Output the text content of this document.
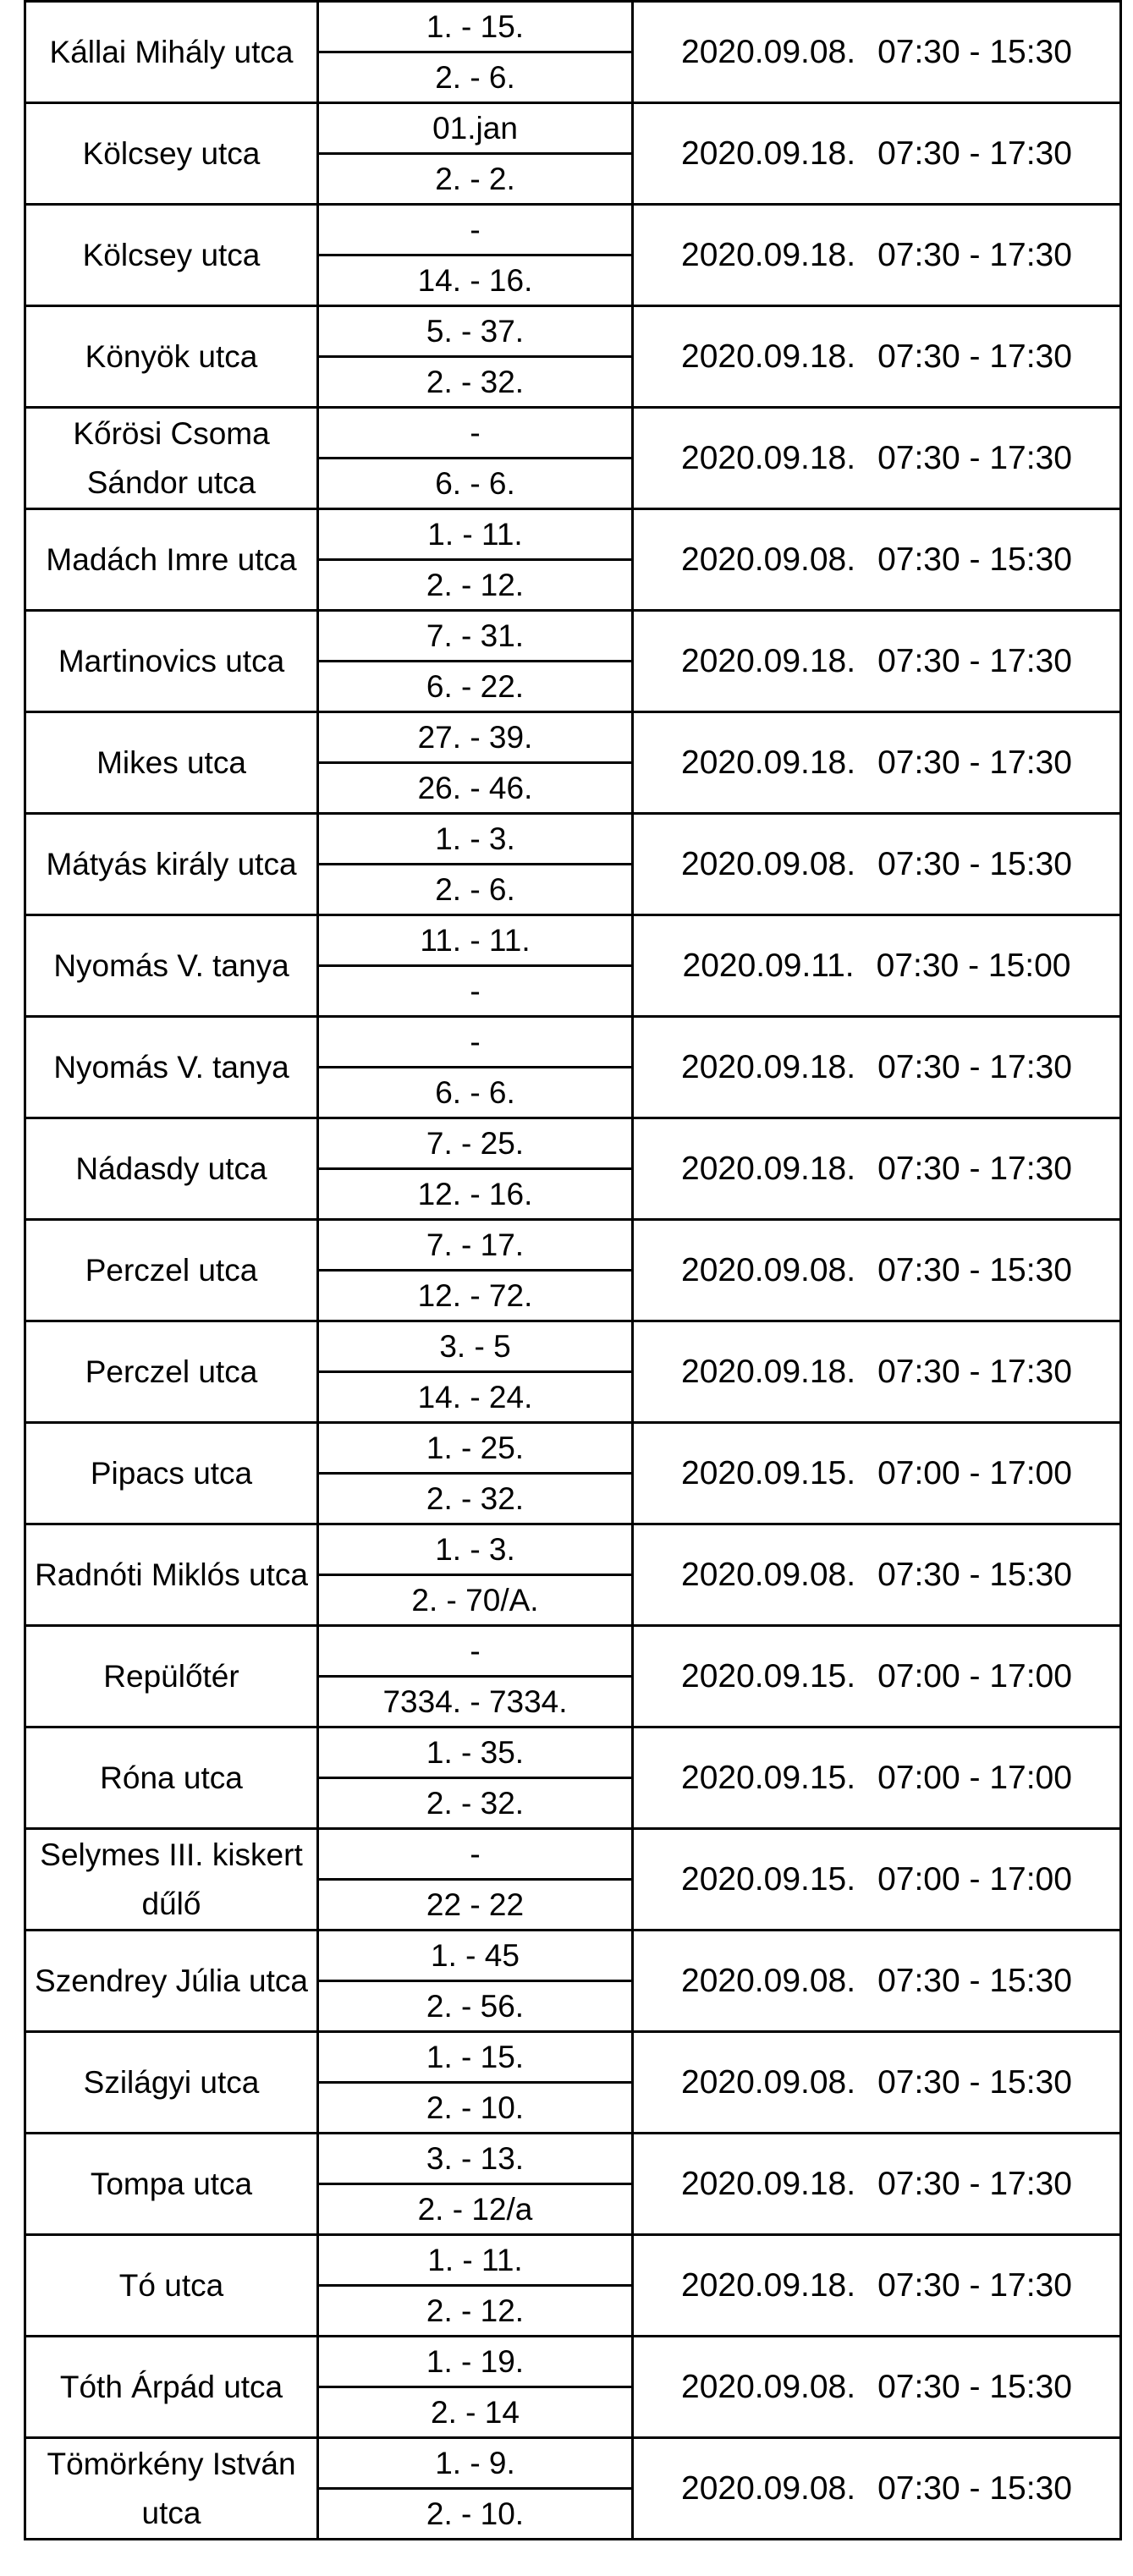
Kállai Mihály utca	1. - 15.	2020.09.08. 07:30 - 15:30
	2. - 6.	
Kölcsey utca	01.jan	2020.09.18. 07:30 - 17:30
	2. - 2.	
Kölcsey utca	-	2020.09.18. 07:30 - 17:30
	14. - 16.	
Könyök utca	5. - 37.	2020.09.18. 07:30 - 17:30
	2. - 32.	
Kőrösi Csoma Sándor utca	-	2020.09.18. 07:30 - 17:30
	6. - 6.	
Madách Imre utca	1. - 11.	2020.09.08. 07:30 - 15:30
	2. - 12.	
Martinovics utca	7. - 31.	2020.09.18. 07:30 - 17:30
	6. - 22.	
Mikes utca	27. - 39.	2020.09.18. 07:30 - 17:30
	26. - 46.	
Mátyás király utca	1. - 3.	2020.09.08. 07:30 - 15:30
	2. - 6.	
Nyomás V. tanya	11. - 11.	2020.09.11. 07:30 - 15:00
	-	
Nyomás V. tanya	-	2020.09.18. 07:30 - 17:30
	6. - 6.	
Nádasdy utca	7. - 25.	2020.09.18. 07:30 - 17:30
	12. - 16.	
Perczel utca	7. - 17.	2020.09.08. 07:30 - 15:30
	12. - 72.	
Perczel utca	3. - 5	2020.09.18. 07:30 - 17:30
	14. - 24.	
Pipacs utca	1. - 25.	2020.09.15. 07:00 - 17:00
	2. - 32.	
Radnóti Miklós utca	1. - 3.	2020.09.08. 07:30 - 15:30
	2. - 70/A.	
Repülőtér	-	2020.09.15. 07:00 - 17:00
	7334. - 7334.	
Róna utca	1. - 35.	2020.09.15. 07:00 - 17:00
	2. - 32.	
Selymes III. kiskert dűlő	-	2020.09.15. 07:00 - 17:00
	22 - 22	
Szendrey Júlia utca	1. - 45	2020.09.08. 07:30 - 15:30
	2. - 56.	
Szilágyi utca	1. - 15.	2020.09.08. 07:30 - 15:30
	2. - 10.	
Tompa utca	3. - 13.	2020.09.18. 07:30 - 17:30
	2. - 12/a	
Tó utca	1. - 11.	2020.09.18. 07:30 - 17:30
	2. - 12.	
Tóth Árpád utca	1. - 19.	2020.09.08. 07:30 - 15:30
	2. - 14	
Tömörkény István utca	1. - 9.	2020.09.08. 07:30 - 15:30
	2. - 10.	
